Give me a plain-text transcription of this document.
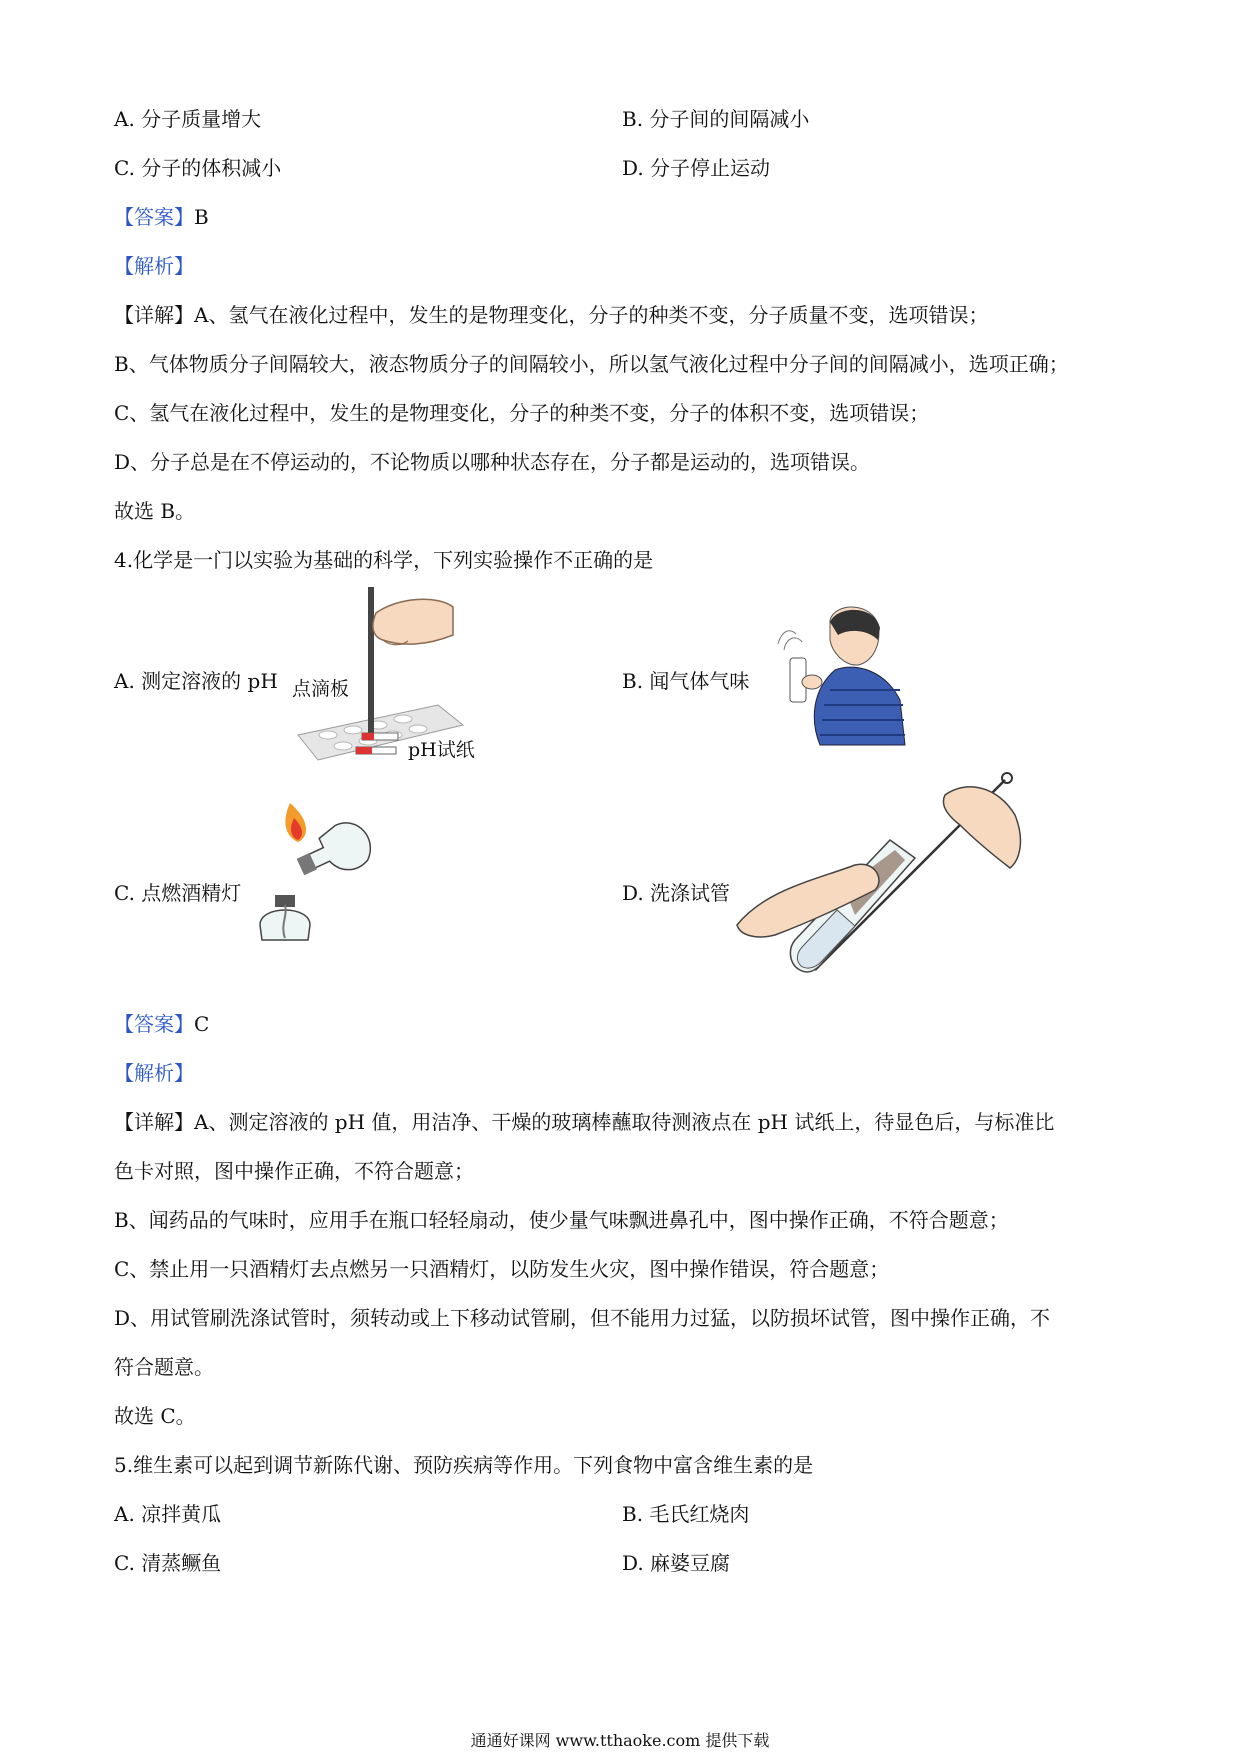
A. 分子质量增大	B. 分子间的间隔减小
C. 分子的体积减小	D. 分子停止运动
【答案】B
【解析】
【详解】A、氢气在液化过程中，发生的是物理变化，分子的种类不变，分子质量不变，选项错误；
B、气体物质分子间隔较大，液态物质分子的间隔较小，所以氢气液化过程中分子间的间隔减小，选项正确；
C、氢气在液化过程中，发生的是物理变化，分子的种类不变，分子的体积不变，选项错误；
D、分子总是在不停运动的，不论物质以哪种状态存在，分子都是运动的，选项错误。
故选 B。
4.化学是一门以实验为基础的科学，下列实验操作不正确的是
A. 测定溶液的 pH	B. 闻气体气味
C. 点燃酒精灯	D. 洗涤试管
点滴板
pH试纸
【答案】C
【解析】
【详解】A、测定溶液的 pH 值，用洁净、干燥的玻璃棒蘸取待测液点在 pH 试纸上，待显色后，与标准比
色卡对照，图中操作正确，不符合题意；
B、闻药品的气味时，应用手在瓶口轻轻扇动，使少量气味飘进鼻孔中，图中操作正确，不符合题意；
C、禁止用一只酒精灯去点燃另一只酒精灯，以防发生火灾，图中操作错误，符合题意；
D、用试管刷洗涤试管时，须转动或上下移动试管刷，但不能用力过猛，以防损坏试管，图中操作正确，不
符合题意。
故选 C。
5.维生素可以起到调节新陈代谢、预防疾病等作用。下列食物中富含维生素的是
A. 凉拌黄瓜	B. 毛氏红烧肉
C. 清蒸鳜鱼	D. 麻婆豆腐
通通好课网 www.tthaoke.com 提供下载
